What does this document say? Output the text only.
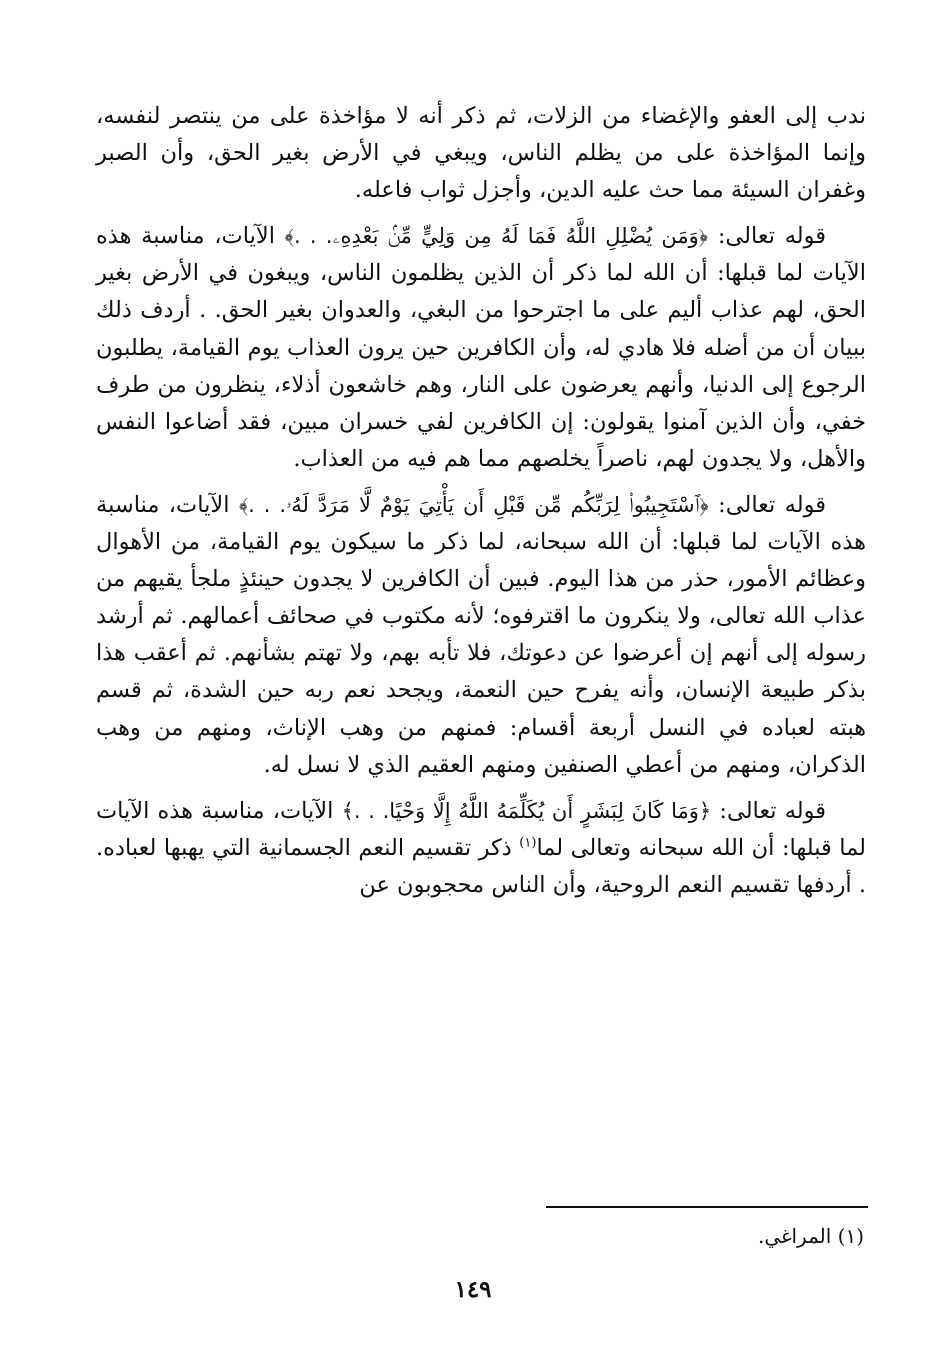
ندب إلى العفو والإغضاء من الزلات، ثم ذكر أنه لا مؤاخذة على من ينتصر لنفسه، وإنما المؤاخذة على من يظلم الناس، ويبغي في الأرض بغير الحق، وأن الصبر وغفران السيئة مما حث عليه الدين، وأجزل ثواب فاعله.

قوله تعالى: ﴿وَمَن يُضْلِلِ اللَّهُ فَمَا لَهُ مِن وَلِيٍّ مِّنۢ بَعْدِهِۦ. . .﴾ الآيات، مناسبة هذه الآيات لما قبلها: أن الله لما ذكر أن الذين يظلمون الناس، ويبغون في الأرض بغير الحق، لهم عذاب أليم على ما اجترحوا من البغي، والعدوان بغير الحق. . أردف ذلك ببيان أن من أضله فلا هادي له، وأن الكافرين حين يرون العذاب يوم القيامة، يطلبون الرجوع إلى الدنيا، وأنهم يعرضون على النار، وهم خاشعون أذلاء، ينظرون من طرف خفي، وأن الذين آمنوا يقولون: إن الكافرين لفي خسران مبين، فقد أضاعوا النفس والأهل، ولا يجدون لهم، ناصراً يخلصهم مما هم فيه من العذاب.

قوله تعالى: ﴿ٱسْتَجِيبُوا۟ لِرَبِّكُم مِّن قَبْلِ أَن يَأْتِيَ يَوْمٌ لَّا مَرَدَّ لَهُۥ. . .﴾ الآيات، مناسبة هذه الآيات لما قبلها: أن الله سبحانه، لما ذكر ما سيكون يوم القيامة، من الأهوال وعظائم الأمور، حذر من هذا اليوم. فبين أن الكافرين لا يجدون حينئذٍ ملجأ يقيهم من عذاب الله تعالى، ولا ينكرون ما اقترفوه؛ لأنه مكتوب في صحائف أعمالهم. ثم أرشد رسوله إلى أنهم إن أعرضوا عن دعوتك، فلا تأبه بهم، ولا تهتم بشأنهم. ثم أعقب هذا بذكر طبيعة الإنسان، وأنه يفرح حين النعمة، ويجحد نعم ربه حين الشدة، ثم قسم هبته لعباده في النسل أربعة أقسام: فمنهم من وهب الإناث، ومنهم من وهب الذكران، ومنهم من أعطي الصنفين ومنهم العقيم الذي لا نسل له.

قوله تعالى: ﴿وَمَا كَانَ لِبَشَرٍ أَن يُكَلِّمَهُ اللَّهُ إِلَّا وَحْيًا. . .﴾ الآيات، مناسبة هذه الآيات لما قبلها: أن الله سبحانه وتعالى لما$^{(١)}$ ذكر تقسيم النعم الجسمانية التي يهبها لعباده. . أردفها تقسيم النعم الروحية، وأن الناس محجوبون عن

(١) المراغي.
١٤٩
